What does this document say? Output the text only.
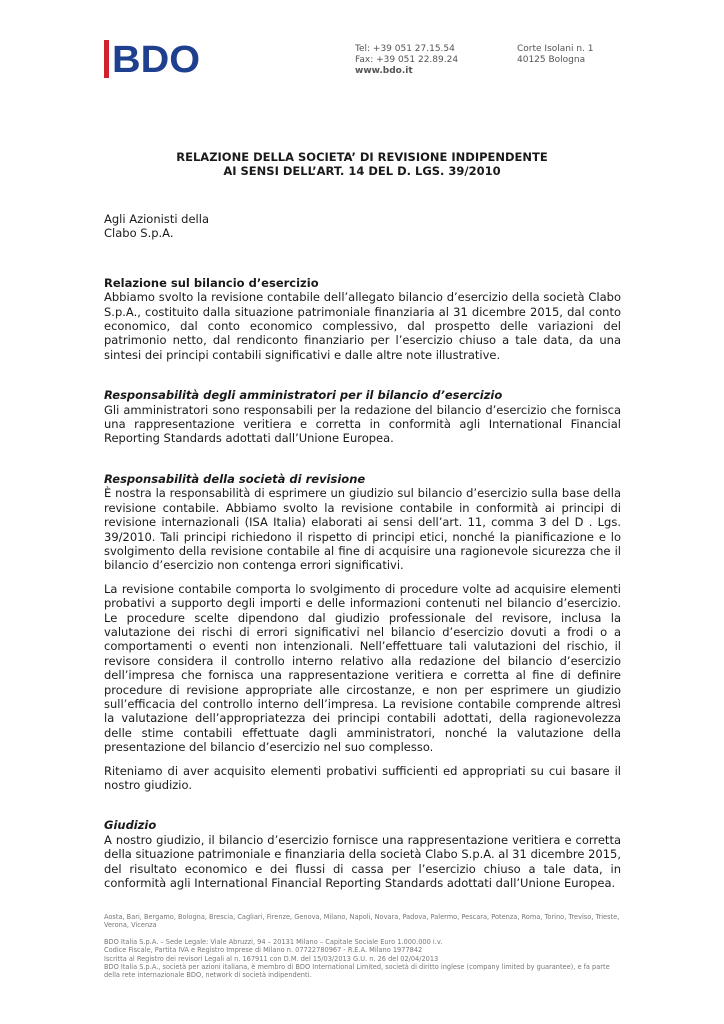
BDO	Tel: +39 051 27.15.54
Fax: +39 051 22.89.24
www.bdo.it
Corte Isolani n. 1
40125 Bologna
RELAZIONE DELLA SOCIETA’ DI REVISIONE INDIPENDENTE
AI SENSI DELL’ART. 14 DEL D. LGS. 39/2010

Agli Azionisti della
Clabo S.p.A.

Relazione sul bilancio d’esercizio

Abbiamo svolto la revisione contabile dell’allegato bilancio d’esercizio della società Clabo S.p.A., costituito dalla situazione patrimoniale finanziaria al 31 dicembre 2015, dal conto economico, dal conto economico complessivo, dal prospetto delle variazioni del patrimonio netto, dal rendiconto finanziario per l’esercizio chiuso a tale data, da una sintesi dei principi contabili significativi e dalle altre note illustrative.

Responsabilità degli amministratori per il bilancio d’esercizio

Gli amministratori sono responsabili per la redazione del bilancio d’esercizio che fornisca una rappresentazione veritiera e corretta in conformità agli International Financial Reporting Standards adottati dall’Unione Europea.

Responsabilità della società di revisione

È nostra la responsabilità di esprimere un giudizio sul bilancio d’esercizio sulla base della revisione contabile. Abbiamo svolto la revisione contabile in conformità ai principi di revisione internazionali (ISA Italia) elaborati ai sensi dell’art. 11, comma 3 del D . Lgs. 39/2010. Tali principi richiedono il rispetto di principi etici, nonché la pianificazione e lo svolgimento della revisione contabile al fine di acquisire una ragionevole sicurezza che il bilancio d’esercizio non contenga errori significativi.

La revisione contabile comporta lo svolgimento di procedure volte ad acquisire elementi probativi a supporto degli importi e delle informazioni contenuti nel bilancio d’esercizio. Le procedure scelte dipendono dal giudizio professionale del revisore, inclusa la valutazione dei rischi di errori significativi nel bilancio d’esercizio dovuti a frodi o a comportamenti o eventi non intenzionali. Nell’effettuare tali valutazioni del rischio, il revisore considera il controllo interno relativo alla redazione del bilancio d’esercizio dell’impresa che fornisca una rappresentazione veritiera e corretta al fine di definire procedure di revisione appropriate alle circostanze, e non per esprimere un giudizio sull’efficacia del controllo interno dell’impresa. La revisione contabile comprende altresì la valutazione dell’appropriatezza dei principi contabili adottati, della ragionevolezza delle stime contabili effettuate dagli amministratori, nonché la valutazione della presentazione del bilancio d’esercizio nel suo complesso.

Riteniamo di aver acquisito elementi probativi sufficienti ed appropriati su cui basare il nostro giudizio.

Giudizio

A nostro giudizio, il bilancio d’esercizio fornisce una rappresentazione veritiera e corretta della situazione patrimoniale e finanziaria della società Clabo S.p.A. al 31 dicembre 2015, del risultato economico e dei flussi di cassa per l’esercizio chiuso a tale data, in conformità agli International Financial Reporting Standards adottati dall’Unione Europea.

Aosta, Bari, Bergamo, Bologna, Brescia, Cagliari, Firenze, Genova, Milano, Napoli, Novara, Padova, Palermo, Pescara, Potenza, Roma, Torino, Treviso, Trieste, Verona, Vicenza
BDO Italia S.p.A. – Sede Legale: Viale Abruzzi, 94 – 20131 Milano – Capitale Sociale Euro 1.000.000 i.v.
Codice Fiscale, Partita IVA e Registro Imprese di Milano n. 07722780967 - R.E.A. Milano 1977842
Iscritta al Registro dei revisori Legali al n. 167911 con D.M. del 15/03/2013 G.U. n. 26 del 02/04/2013
BDO Italia S.p.A., società per azioni italiana, è membro di BDO International Limited, società di diritto inglese (company limited by guarantee), e fa parte della rete internazionale BDO, network di società indipendenti.
